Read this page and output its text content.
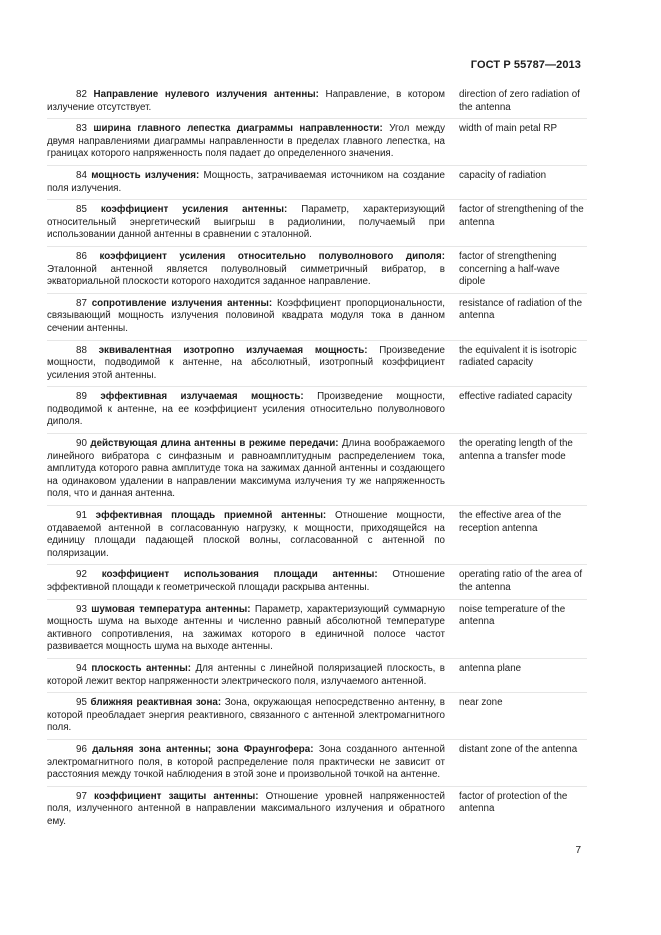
ГОСТ Р 55787—2013

82 Направление нулевого излучения антенны: Направление, в котором излучение отсутствует.

direction of zero radiation of the antenna

83 ширина главного лепестка диаграммы направленности: Угол между двумя направлениями диаграммы направленности в пределах главного лепестка, на границах которого напряженность поля падает до определенного значения.

width of main petal RP

84 мощность излучения: Мощность, затрачиваемая источником на создание поля излучения.

capacity of radiation

85 коэффициент усиления антенны: Параметр, характеризующий относительный энергетический выигрыш в радиолинии, получаемый при использовании данной антенны в сравнении с эталонной.

factor of strengthening of the antenna

86 коэффициент усиления относительно полуволнового диполя: Эталонной антенной является полуволновый симметричный вибратор, в экваториальной плоскости которого находится заданное направление.

factor of strengthening concerning a half-wave dipole

87 сопротивление излучения антенны: Коэффициент пропорциональности, связывающий мощность излучения половиной квадрата модуля тока в данном сечении антенны.

resistance of radiation of the antenna

88 эквивалентная изотропно излучаемая мощность: Произведение мощности, подводимой к антенне, на абсолютный, изотропный коэффициент усиления этой антенны.

the equivalent it is isotropic radiated capacity

89 эффективная излучаемая мощность: Произведение мощности, подводимой к антенне, на ее коэффициент усиления относительно полуволнового диполя.

effective radiated capacity

90 действующая длина антенны в режиме передачи: Длина воображаемого линейного вибратора с синфазным и равноамплитудным распределением тока, амплитуда которого равна амплитуде тока на зажимах данной антенны и создающего на одинаковом удалении в направлении максимума излучения ту же напряженность поля, что и данная антенна.

the operating length of the antenna a transfer mode

91 эффективная площадь приемной антенны: Отношение мощности, отдаваемой антенной в согласованную нагрузку, к мощности, приходящейся на единицу площади падающей плоской волны, согласованной с антенной по поляризации.

the effective area of the reception antenna

92 коэффициент использования площади антенны: Отношение эффективной площади к геометрической площади раскрыва антенны.

operating ratio of the area of the antenna

93 шумовая температура антенны: Параметр, характеризующий суммарную мощность шума на выходе антенны и численно равный абсолютной температуре активного сопротивления, на зажимах которого в единичной полосе частот развивается мощность шума на выходе антенны.

noise temperature of the antenna

94 плоскость антенны: Для антенны с линейной поляризацией плоскость, в которой лежит вектор напряженности электрического поля, излучаемого антенной.

antenna plane

95 ближняя реактивная зона: Зона, окружающая непосредственно антенну, в которой преобладает энергия реактивного, связанного с антенной электромагнитного поля.

near zone

96 дальняя зона антенны; зона Фраунгофера: Зона созданного антенной электромагнитного поля, в которой распределение поля практически не зависит от расстояния между точкой наблюдения в этой зоне и произвольной точкой на антенне.

distant zone of the antenna

97 коэффициент защиты антенны: Отношение уровней напряженностей поля, излученного антенной в направлении максимального излучения и обратного ему.

factor of protection of the antenna

7
